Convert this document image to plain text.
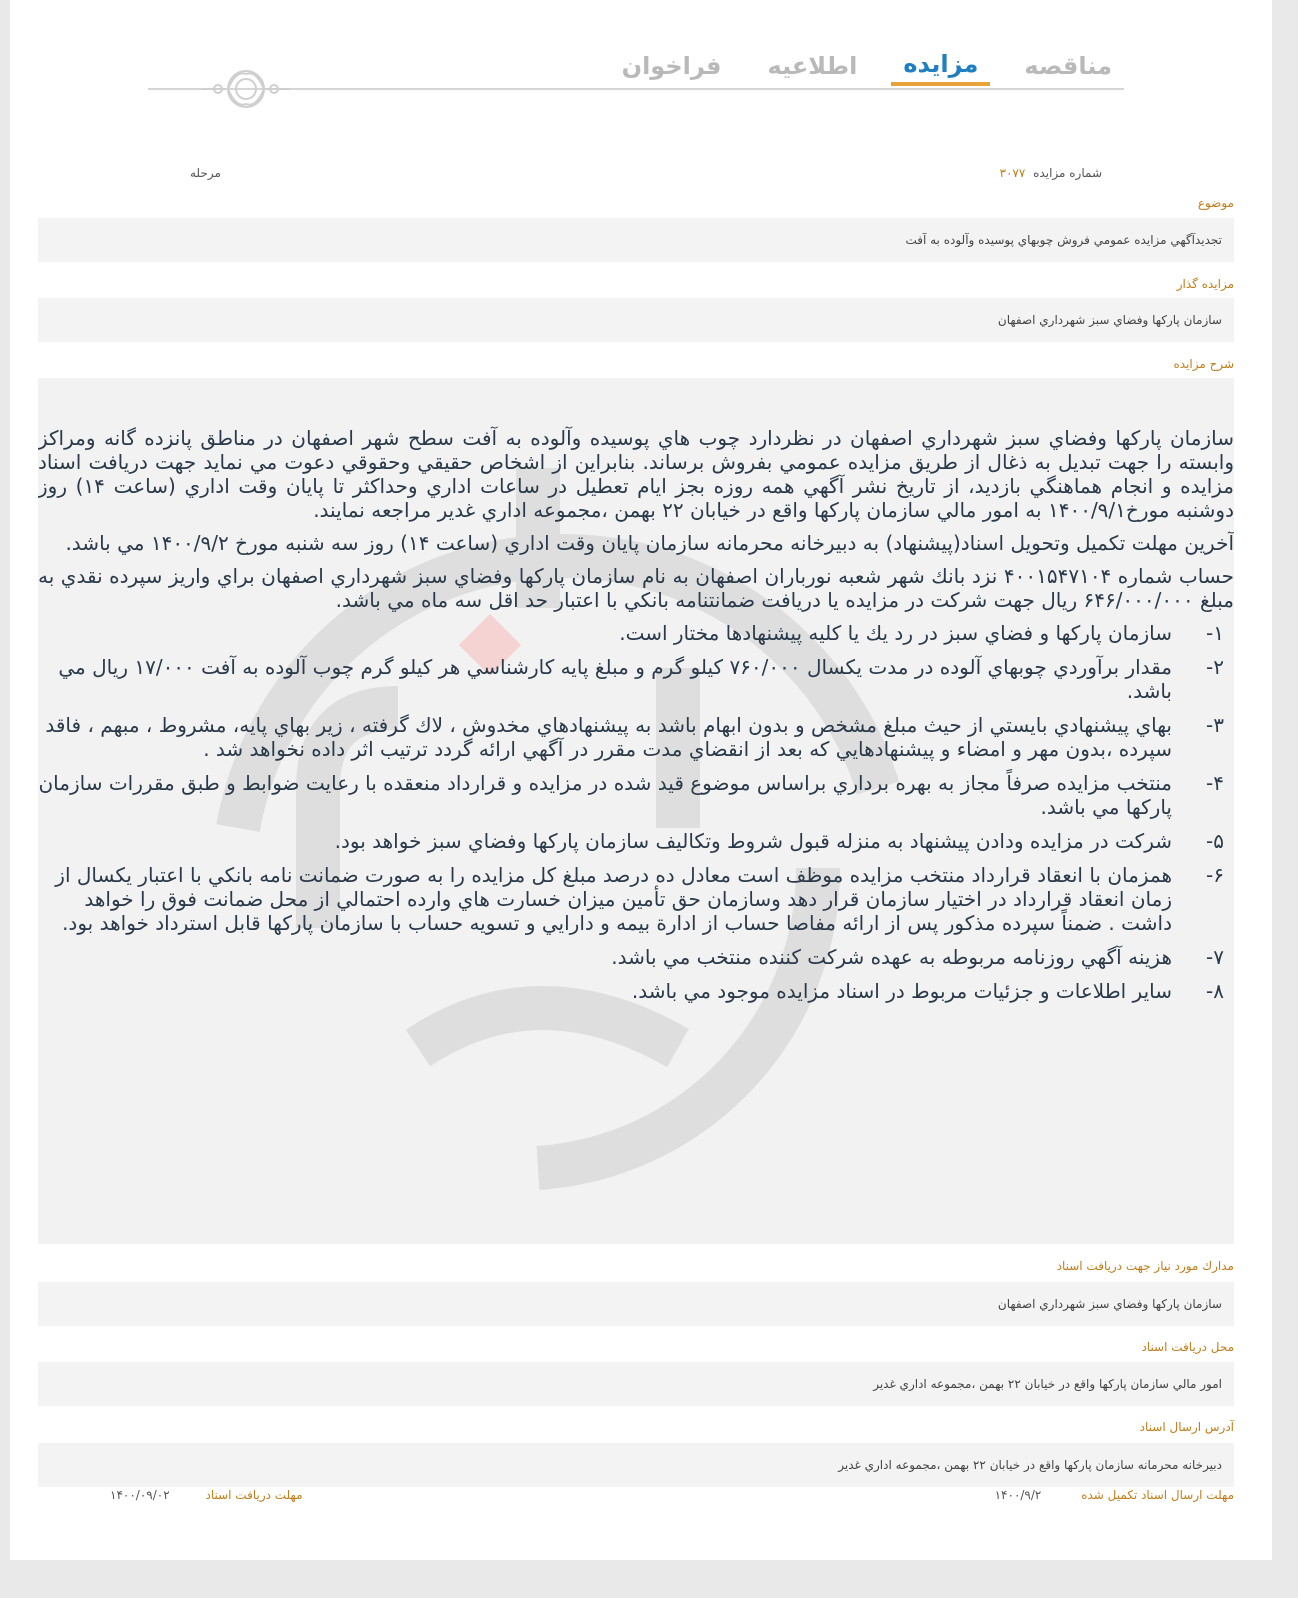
مناقصه
مزايده
اطلاعيه
فراخوان
شماره مزايده ۳۰۷۷
مرحله
موضوع
تجديدآگهي مزايده عمومي فروش چوبهاي پوسيده وآلوده به آفت
مزايده گذار
سازمان پاركها وفضاي سبز شهرداري اصفهان
شرح مزايده

سازمان پاركها وفضاي سبز شهرداري اصفهان در نظردارد چوب هاي پوسيده وآلوده به آفت سطح شهر اصفهان در مناطق پانزده گانه ومراكز وابسته را جهت تبديل به ذغال از طريق مزايده عمومي بفروش برساند. بنابراين از اشخاص حقيقي وحقوقي دعوت مي نمايد جهت دريافت اسناد مزايده و انجام هماهنگي بازديد، از تاريخ نشر آگهي همه روزه بجز ايام تعطيل در ساعات اداري وحداكثر تا پايان وقت اداري (ساعت ۱۴) روز دوشنبه مورخ۱۴۰۰/۹/۱ به امور مالي سازمان پاركها واقع در خيابان ۲۲ بهمن ،مجموعه اداري غدير مراجعه نمايند.

آخرين مهلت تكميل وتحويل اسناد(پيشنهاد) به دبيرخانه محرمانه سازمان پايان وقت اداري (ساعت ۱۴) روز سه شنبه مورخ ۱۴۰۰/۹/۲ مي باشد.

حساب شماره ۴۰۰۱۵۴۷۱۰۴ نزد بانك شهر شعبه نورباران اصفهان به نام سازمان پاركها وفضاي سبز شهرداري اصفهان براي واريز سپرده نقدي به مبلغ ۶۴۶/۰۰۰/۰۰۰ ريال جهت شركت در مزايده يا دريافت ضمانتنامه بانكي با اعتبار حد اقل سه ماه مي باشد.

۱-
سازمان پاركها و فضاي سبز در رد يك يا كليه پيشنهادها مختار است.
۲-
مقدار برآوردي چوبهاي آلوده در مدت يكسال ۷۶۰/۰۰۰ كيلو گرم و مبلغ پايه كارشناسي هر كيلو گرم چوب آلوده به آفت ۱۷/۰۰۰ ريال مي باشد.
۳-
بهاي پيشنهادي بايستي از حيث مبلغ مشخص و بدون ابهام باشد به پيشنهادهاي مخدوش ، لاك گرفته ، زير بهاي پايه، مشروط ، مبهم ، فاقد سپرده ،بدون مهر و امضاء و پيشنهادهايي كه بعد از انقضاي مدت مقرر در آگهي ارائه گردد ترتيب اثر داده نخواهد شد .
۴-
منتخب مزايده صرفاً مجاز به بهره برداري براساس موضوع قيد شده در مزايده و قرارداد منعقده با رعايت ضوابط و طبق مقررات سازمان پاركها مي باشد.
۵-
شركت در مزايده ودادن پيشنهاد به منزله قبول شروط وتكاليف سازمان پاركها وفضاي سبز خواهد بود.
۶-
همزمان با انعقاد قرارداد منتخب مزايده موظف است معادل ده درصد مبلغ كل مزايده را به صورت ضمانت نامه بانكي با اعتبار يكسال از زمان انعقاد قرارداد در اختيار سازمان قرار دهد وسازمان حق تأمين ميزان خسارت هاي وارده احتمالي از محل ضمانت فوق را خواهد داشت . ضمناً سپرده مذكور پس از ارائه مفاصا حساب از ادارة بيمه و دارايي و تسويه حساب با سازمان پاركها قابل استرداد خواهد بود.
۷-
هزينه آگهي روزنامه مربوطه به عهده شركت كننده منتخب مي باشد.
۸-
ساير اطلاعات و جزئيات مربوط در اسناد مزايده موجود مي باشد.
مدارك مورد نياز جهت دريافت اسناد
سازمان پاركها وفضاي سبز شهرداري اصفهان
محل دريافت اسناد
امور مالي سازمان پاركها واقع در خيابان ۲۲ بهمن ،مجموعه اداري غدير
آدرس ارسال اسناد
دبيرخانه محرمانه سازمان پاركها واقع در خيابان ۲۲ بهمن ،مجموعه اداري غدير
مهلت ارسال اسناد تكميل شده ۱۴۰۰/۹/۲
مهلت دريافت اسناد ۱۴۰۰/۰۹/۰۲
